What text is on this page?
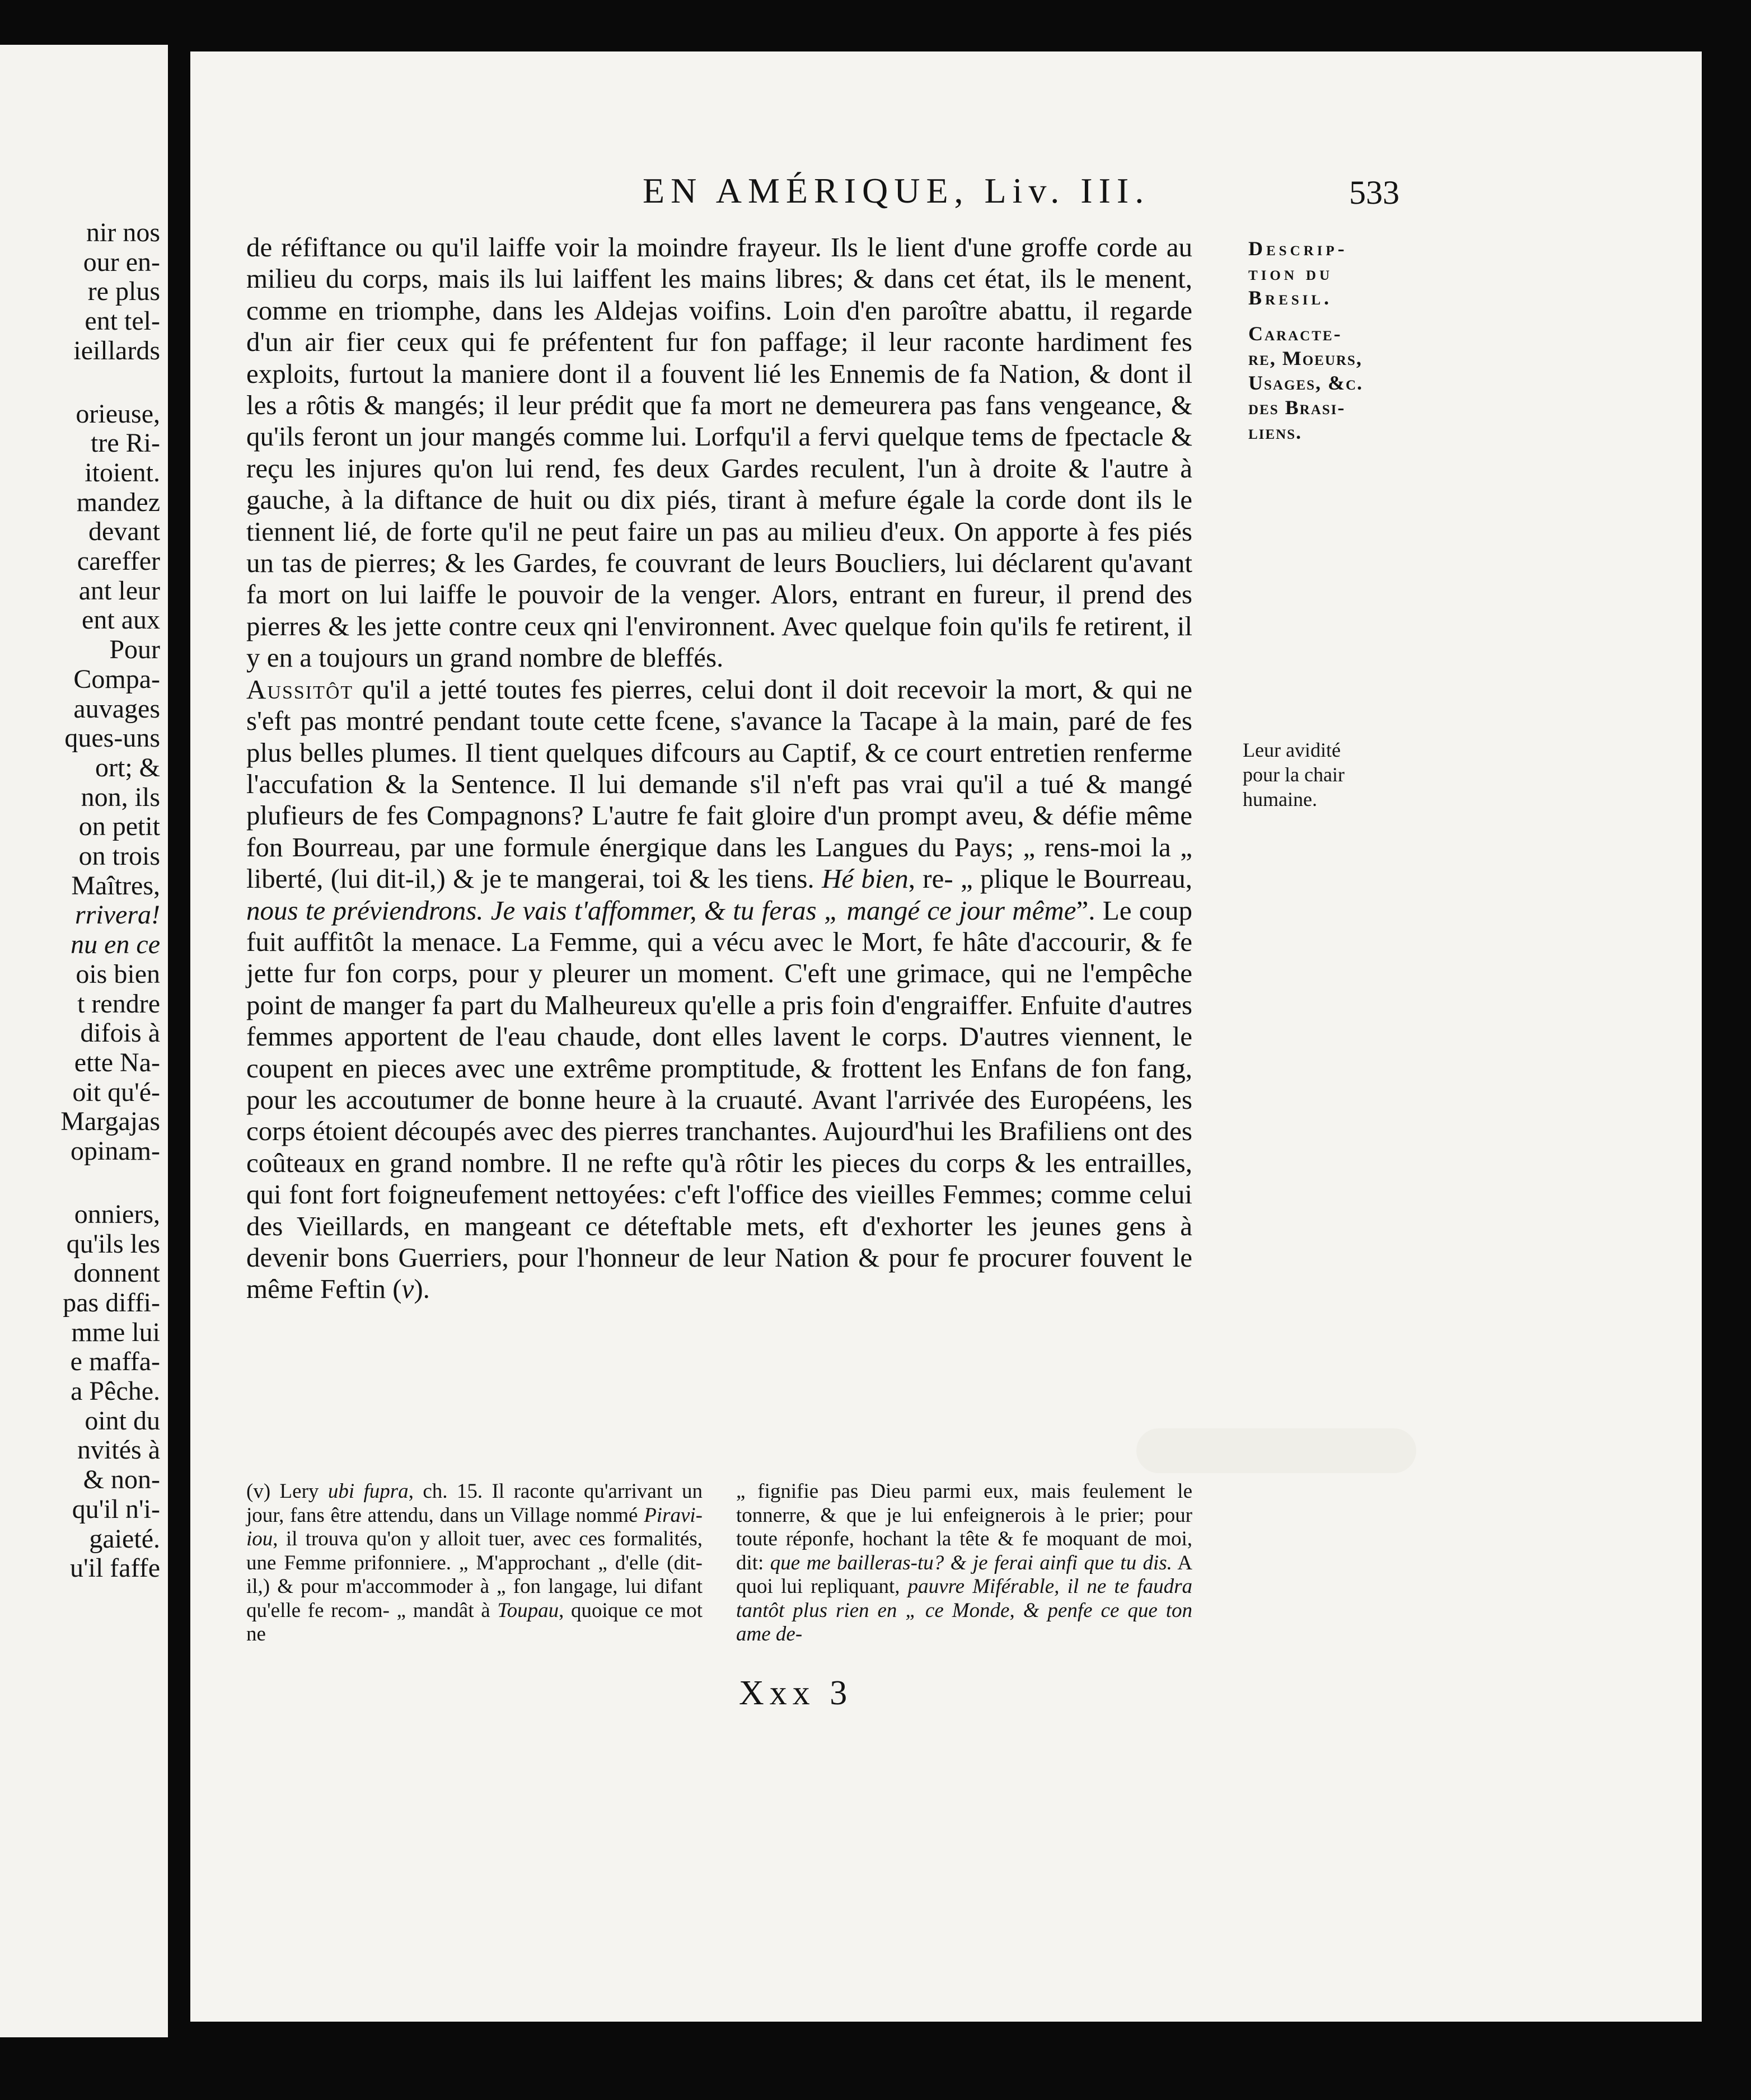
nir nos
our en-
re plus
ent tel-
ieillards
orieuse,
tre Ri-
itoient.
mandez
devant
careffer
ant leur
ent aux
Pour
Compa-
auvages
ques-uns
ort; &
non, ils
on petit
on trois
Maîtres,
rrivera!
nu en ce
ois bien
t rendre
difois à
ette Na-
oit qu'é-
Margajas
opinam-
onniers,
qu'ils les
donnent
pas diffi-
mme lui
e maffa-
a Pêche.
oint du
nvités à
& non-
qu'il n'i-
gaieté.
u'il faffe
EN AMÉRIQUE, Liv. III.	533

de réfiftance ou qu'il laiffe voir la moindre frayeur. Ils le lient d'une groffe corde au milieu du corps, mais ils lui laiffent les mains libres; & dans cet état, ils le menent, comme en triomphe, dans les Aldejas voifins. Loin d'en paroître abattu, il regarde d'un air fier ceux qui fe préfentent fur fon paffage; il leur raconte hardiment fes exploits, furtout la maniere dont il a fouvent lié les Ennemis de fa Nation, & dont il les a rôtis & mangés; il leur prédit que fa mort ne demeurera pas fans vengeance, & qu'ils feront un jour mangés comme lui. Lorfqu'il a fervi quelque tems de fpectacle & reçu les injures qu'on lui rend, fes deux Gardes reculent, l'un à droite & l'autre à gauche, à la diftance de huit ou dix piés, tirant à mefure égale la corde dont ils le tiennent lié, de forte qu'il ne peut faire un pas au milieu d'eux. On apporte à fes piés un tas de pierres; & les Gardes, fe couvrant de leurs Boucliers, lui déclarent qu'avant fa mort on lui laiffe le pouvoir de la venger. Alors, entrant en fureur, il prend des pierres & les jette contre ceux qni l'environnent. Avec quelque foin qu'ils fe retirent, il y en a toujours un grand nombre de bleffés.

Aussitôt qu'il a jetté toutes fes pierres, celui dont il doit recevoir la mort, & qui ne s'eft pas montré pendant toute cette fcene, s'avance la Tacape à la main, paré de fes plus belles plumes. Il tient quelques difcours au Captif, & ce court entretien renferme l'accufation & la Sentence. Il lui demande s'il n'eft pas vrai qu'il a tué & mangé plufieurs de fes Compagnons? L'autre fe fait gloire d'un prompt aveu, & défie même fon Bourreau, par une formule énergique dans les Langues du Pays; „ rens-moi la „ liberté, (lui dit-il,) & je te mangerai, toi & les tiens. Hé bien, re- „ plique le Bourreau, nous te préviendrons. Je vais t'affommer, & tu feras „ mangé ce jour même”. Le coup fuit auffitôt la menace. La Femme, qui a vécu avec le Mort, fe hâte d'accourir, & fe jette fur fon corps, pour y pleurer un moment. C'eft une grimace, qui ne l'empêche point de manger fa part du Malheureux qu'elle a pris foin d'engraiffer. Enfuite d'autres femmes apportent de l'eau chaude, dont elles lavent le corps. D'autres viennent, le coupent en pieces avec une extrême promptitude, & frottent les Enfans de fon fang, pour les accoutumer de bonne heure à la cruauté. Avant l'arrivée des Européens, les corps étoient découpés avec des pierres tranchantes. Aujourd'hui les Brafiliens ont des coûteaux en grand nombre. Il ne refte qu'à rôtir les pieces du corps & les entrailles, qui font fort foigneufement nettoyées: c'eft l'office des vieilles Femmes; comme celui des Vieillards, en mangeant ce déteftable mets, eft d'exhorter les jeunes gens à devenir bons Guerriers, pour l'honneur de leur Nation & pour fe procurer fouvent le même Feftin (v).

Descrip-
tion du
Bresil.
Caracte-
re, Moeurs,
Usages, &c.
des Brasi-
liens.
Leur avidité
pour la chair
humaine.
(v) Lery ubi fupra, ch. 15. Il raconte qu'arrivant un jour, fans être attendu, dans un Village nommé Piravi-iou, il trouva qu'on y alloit tuer, avec ces formalités, une Femme prifonniere. „ M'approchant „ d'elle (dit-il,) & pour m'accommoder à „ fon langage, lui difant qu'elle fe recom- „ mandât à Toupau, quoique ce mot ne
„ fignifie pas Dieu parmi eux, mais feulement le tonnerre, & que je lui enfeignerois à le prier; pour toute réponfe, hochant la tête & fe moquant de moi, dit: que me bailleras-tu? & je ferai ainfi que tu dis. A quoi lui repliquant, pauvre Miférable, il ne te faudra tantôt plus rien en „ ce Monde, & penfe ce que ton ame de-
Xxx 3
